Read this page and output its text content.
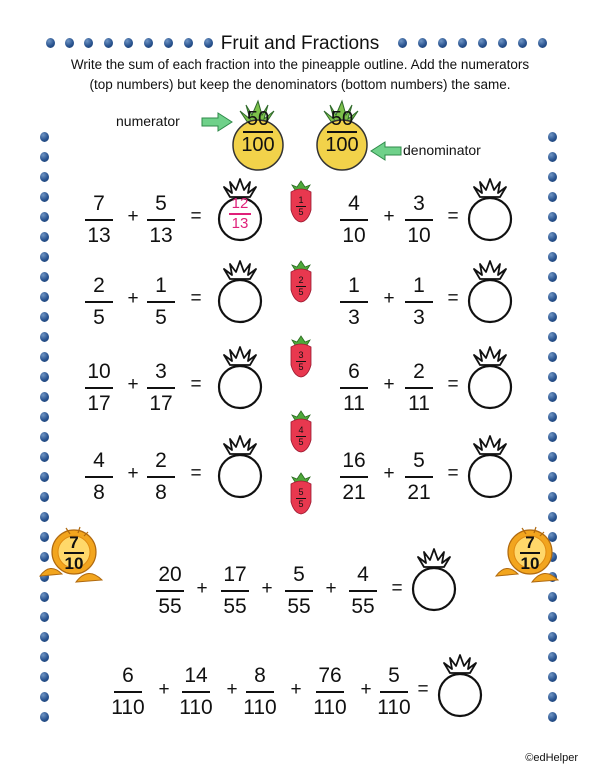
Fruit and Fractions
Write the sum of each fraction into the pineapple outline. Add the numerators
(top numbers) but keep the denominators (bottom numbers) the same.
numerator
denominator
50
100
50
100
7
13
+
5
13
=
12
13
2
5
+
1
5
=
10
17
+
3
17
=
4
8
+
2
8
=
4
10
+
3
10
=
1
3
+
1
3
=
6
11
+
2
11
=
16
21
+
5
21
=
1
5
2
5
3
5
4
5
5
5
7
10
7
10
20
55
+
17
55
+
5
55
+
4
55
=
6
110
+
14
110
+
8
110
+
76
110
+
5
110
=
©edHelper
